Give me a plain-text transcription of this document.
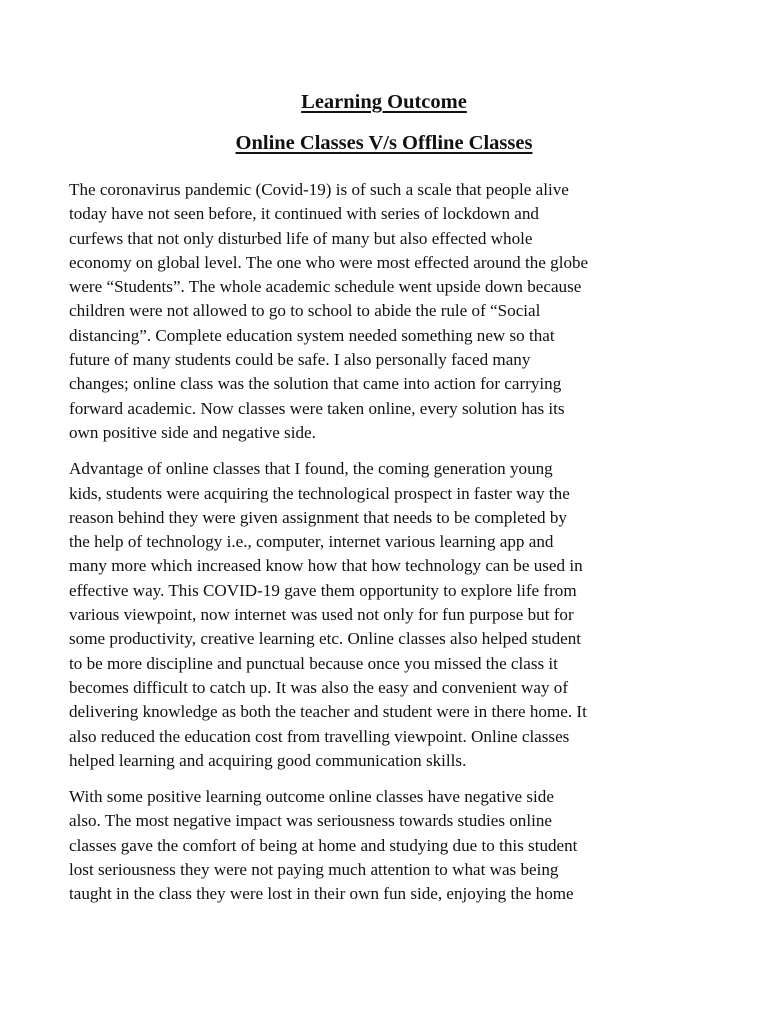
Learning Outcome
Online Classes V/s Offline Classes

The coronavirus pandemic (Covid-19) is of such a scale that people alive
today have not seen before, it continued with series of lockdown and
curfews that not only disturbed life of many but also effected whole
economy on global level. The one who were most effected around the globe
were “Students”. The whole academic schedule went upside down because
children were not allowed to go to school to abide the rule of “Social
distancing”. Complete education system needed something new so that
future of many students could be safe. I also personally faced many
changes; online class was the solution that came into action for carrying
forward academic. Now classes were taken online, every solution has its
own positive side and negative side.

Advantage of online classes that I found, the coming generation young
kids, students were acquiring the technological prospect in faster way the
reason behind they were given assignment that needs to be completed by
the help of technology i.e., computer, internet various learning app and
many more which increased know how that how technology can be used in
effective way. This COVID-19 gave them opportunity to explore life from
various viewpoint, now internet was used not only for fun purpose but for
some productivity, creative learning etc. Online classes also helped student
to be more discipline and punctual because once you missed the class it
becomes difficult to catch up. It was also the easy and convenient way of
delivering knowledge as both the teacher and student were in there home. It
also reduced the education cost from travelling viewpoint. Online classes
helped learning and acquiring good communication skills.

With some positive learning outcome online classes have negative side
also. The most negative impact was seriousness towards studies online
classes gave the comfort of being at home and studying due to this student
lost seriousness they were not paying much attention to what was being
taught in the class they were lost in their own fun side, enjoying the home
